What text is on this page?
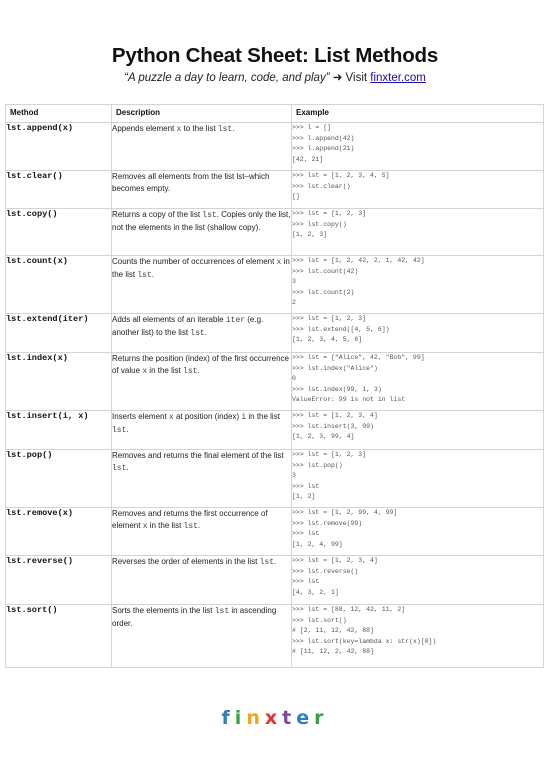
Python Cheat Sheet: List Methods
“A puzzle a day to learn, code, and play” ➜ Visit finxter.com
Method	Description	Example
lst.append(x)	Appends element x to the list lst.	>>> l = []
>>> l.append(42)
>>> l.append(21)
[42, 21]

lst.clear()	Removes all elements from the list lst–which becomes empty.	>>> lst = [1, 2, 3, 4, 5]
>>> lst.clear()
[]

lst.copy()	Returns a copy of the list lst. Copies only the list, not the elements in the list (shallow copy).	>>> lst = [1, 2, 3]
>>> lst.copy()
[1, 2, 3]

lst.count(x)	Counts the number of occurrences of element x in the list lst.	>>> lst = [1, 2, 42, 2, 1, 42, 42]
>>> lst.count(42)
3
>>> lst.count(2)
2

lst.extend(iter)	Adds all elements of an iterable iter (e.g. another list) to the list lst.	>>> lst = [1, 2, 3]
>>> lst.extend([4, 5, 6])
[1, 2, 3, 4, 5, 6]

lst.index(x)	Returns the position (index) of the first occurrence of value x in the list lst.	>>> lst = ["Alice", 42, "Bob", 99]
>>> lst.index("Alice")
0
>>> lst.index(99, 1, 3)
ValueError: 99 is not in list

lst.insert(i, x)	Inserts element x at position (index) i in the list lst.	>>> lst = [1, 2, 3, 4]
>>> lst.insert(3, 99)
[1, 2, 3, 99, 4]

lst.pop()	Removes and returns the final element of the list lst.	>>> lst = [1, 2, 3]
>>> lst.pop()
3
>>> lst
[1, 2]

lst.remove(x)	Removes and returns the first occurrence of element x in the list lst.	>>> lst = [1, 2, 99, 4, 99]
>>> lst.remove(99)
>>> lst
[1, 2, 4, 99]

lst.reverse()	Reverses the order of elements in the list lst.	>>> lst = [1, 2, 3, 4]
>>> lst.reverse()
>>> lst
[4, 3, 2, 1]

lst.sort()	Sorts the elements in the list lst in ascending order.	>>> lst = [88, 12, 42, 11, 2]
>>> lst.sort()
# [2, 11, 12, 42, 88]
>>> lst.sort(key=lambda x: str(x)[0])
# [11, 12, 2, 42, 88]
finxter
